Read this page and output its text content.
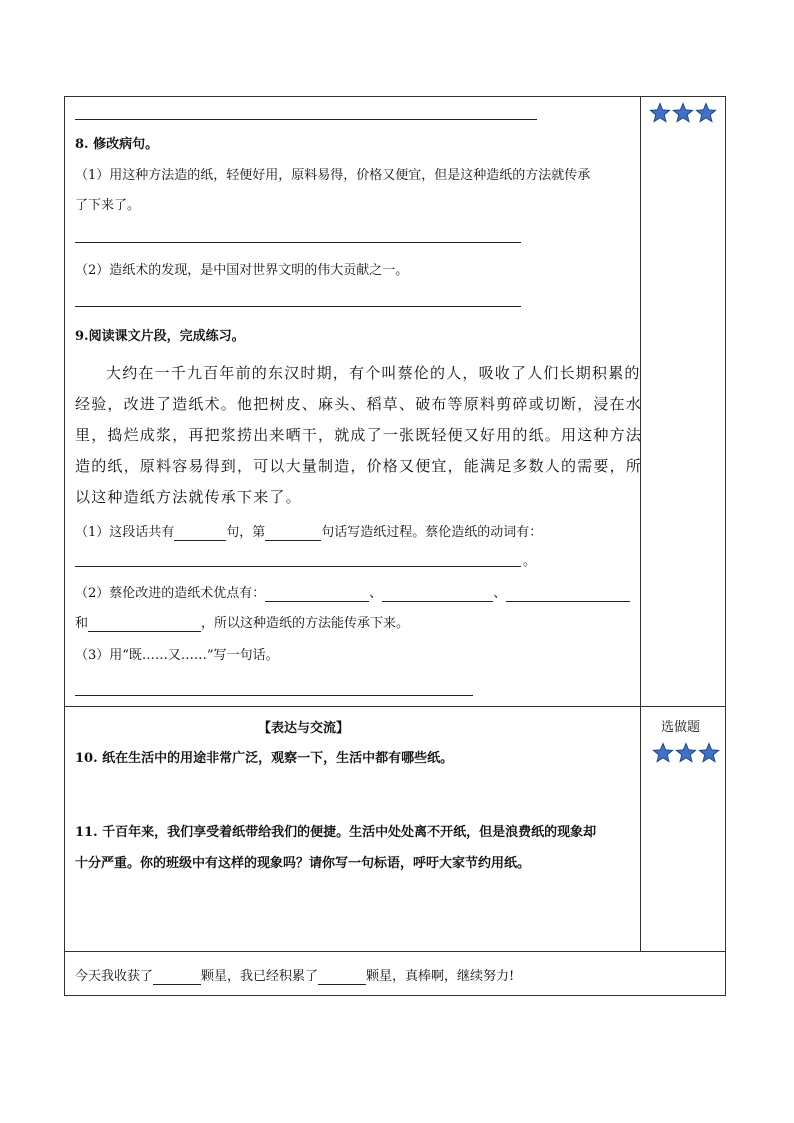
8. 修改病句。
（1）用这种方法造的纸，轻便好用，原料易得，价格又便宜，但是这种造纸的方法就传承
了下来了。
（2）造纸术的发现，是中国对世界文明的伟大贡献之一。
9.阅读课文片段，完成练习。
大约在一千九百年前的东汉时期，有个叫蔡伦的人，吸收了人们长期积累的
经验，改进了造纸术。他把树皮、麻头、稻草、破布等原料剪碎或切断，浸在水
里，捣烂成浆，再把浆捞出来晒干，就成了一张既轻便又好用的纸。用这种方法
造的纸，原料容易得到，可以大量制造，价格又便宜，能满足多数人的需要，所
以这种造纸方法就传承下来了。
（1）这段话共有	句，第	句话写造纸过程。蔡伦造纸的动词有：
。
（2）蔡伦改进的造纸术优点有：	、	、
和	，所以这种造纸的方法能传承下来。
（3）用“既……又……”写一句话。
【表达与交流】
10. 纸在生活中的用途非常广泛，观察一下，生活中都有哪些纸。
11. 千百年来，我们享受着纸带给我们的便捷。生活中处处离不开纸，但是浪费纸的现象却
十分严重。你的班级中有这样的现象吗？请你写一句标语，呼吁大家节约用纸。
选做题
今天我收获了	颗星，我已经积累了	颗星，真棒啊，继续努力!
